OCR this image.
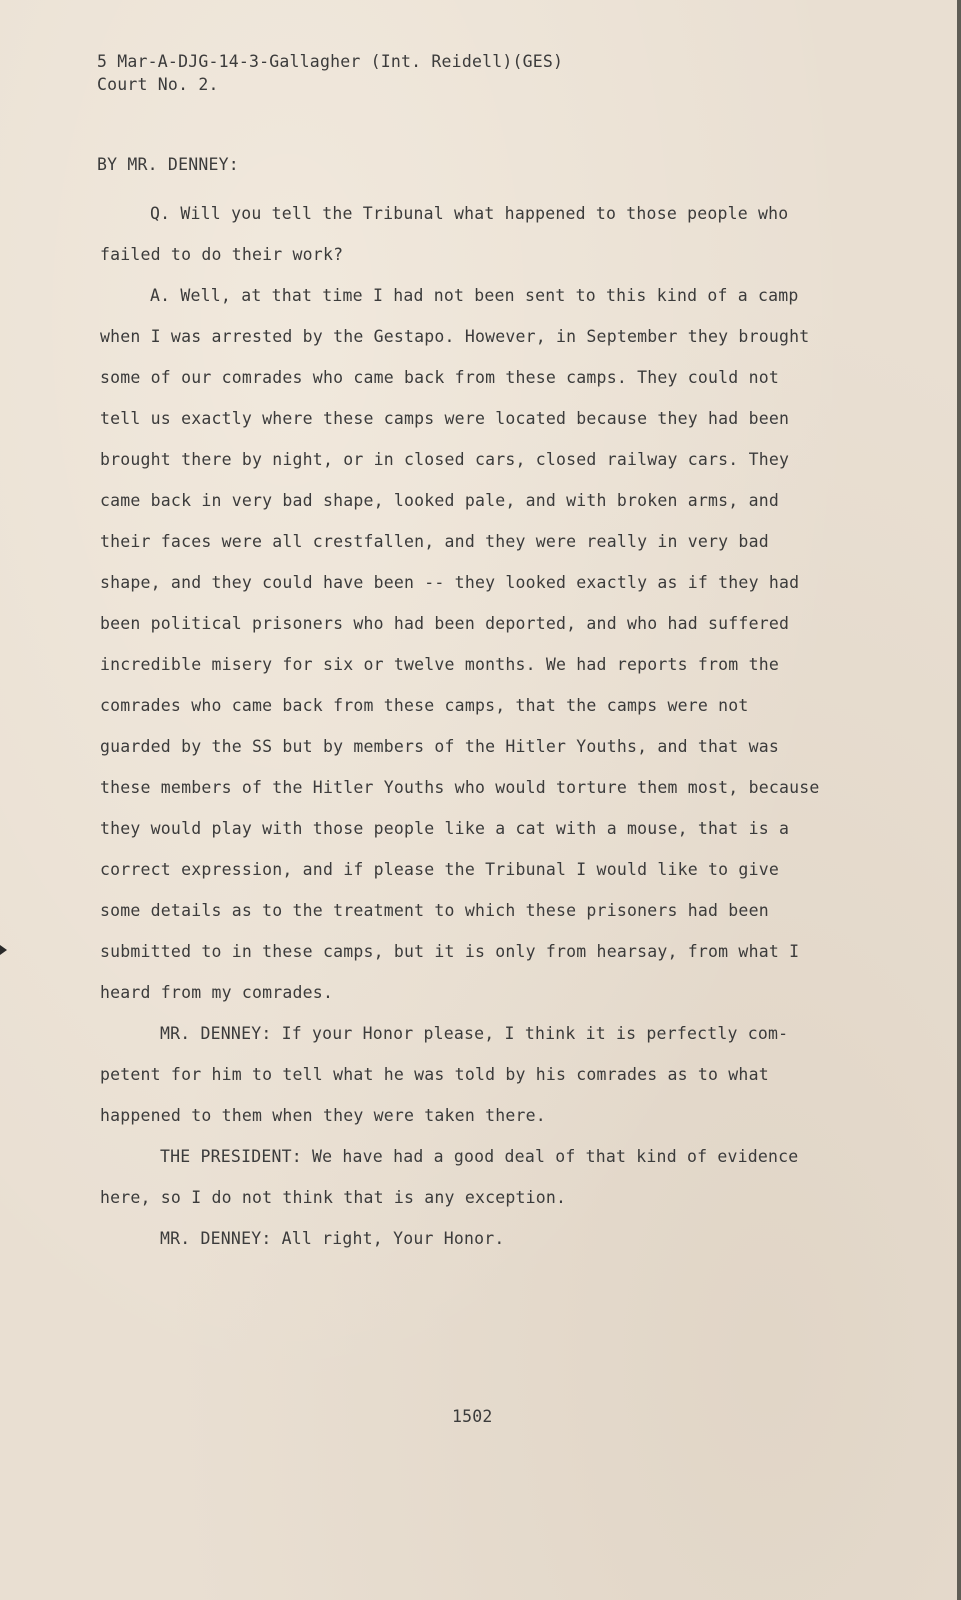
5 Mar-A-DJG-14-3-Gallagher (Int. Reidell)(GES)
Court No. 2.
BY MR. DENNEY:
Q. Will you tell the Tribunal what happened to those people who
failed to do their work?
A. Well, at that time I had not been sent to this kind of a camp
when I was arrested by the Gestapo. However, in September they brought
some of our comrades who came back from these camps. They could not
tell us exactly where these camps were located because they had been
brought there by night, or in closed cars, closed railway cars. They
came back in very bad shape, looked pale, and with broken arms, and
their faces were all crestfallen, and they were really in very bad
shape, and they could have been -- they looked exactly as if they had
been political prisoners who had been deported, and who had suffered
incredible misery for six or twelve months. We had reports from the
comrades who came back from these camps, that the camps were not
guarded by the SS but by members of the Hitler Youths, and that was
these members of the Hitler Youths who would torture them most, because
they would play with those people like a cat with a mouse, that is a
correct expression, and if please the Tribunal I would like to give
some details as to the treatment to which these prisoners had been
submitted to in these camps, but it is only from hearsay, from what I
heard from my comrades.
MR. DENNEY: If your Honor please, I think it is perfectly com-
petent for him to tell what he was told by his comrades as to what
happened to them when they were taken there.
THE PRESIDENT: We have had a good deal of that kind of evidence
here, so I do not think that is any exception.
MR. DENNEY: All right, Your Honor.
1502
